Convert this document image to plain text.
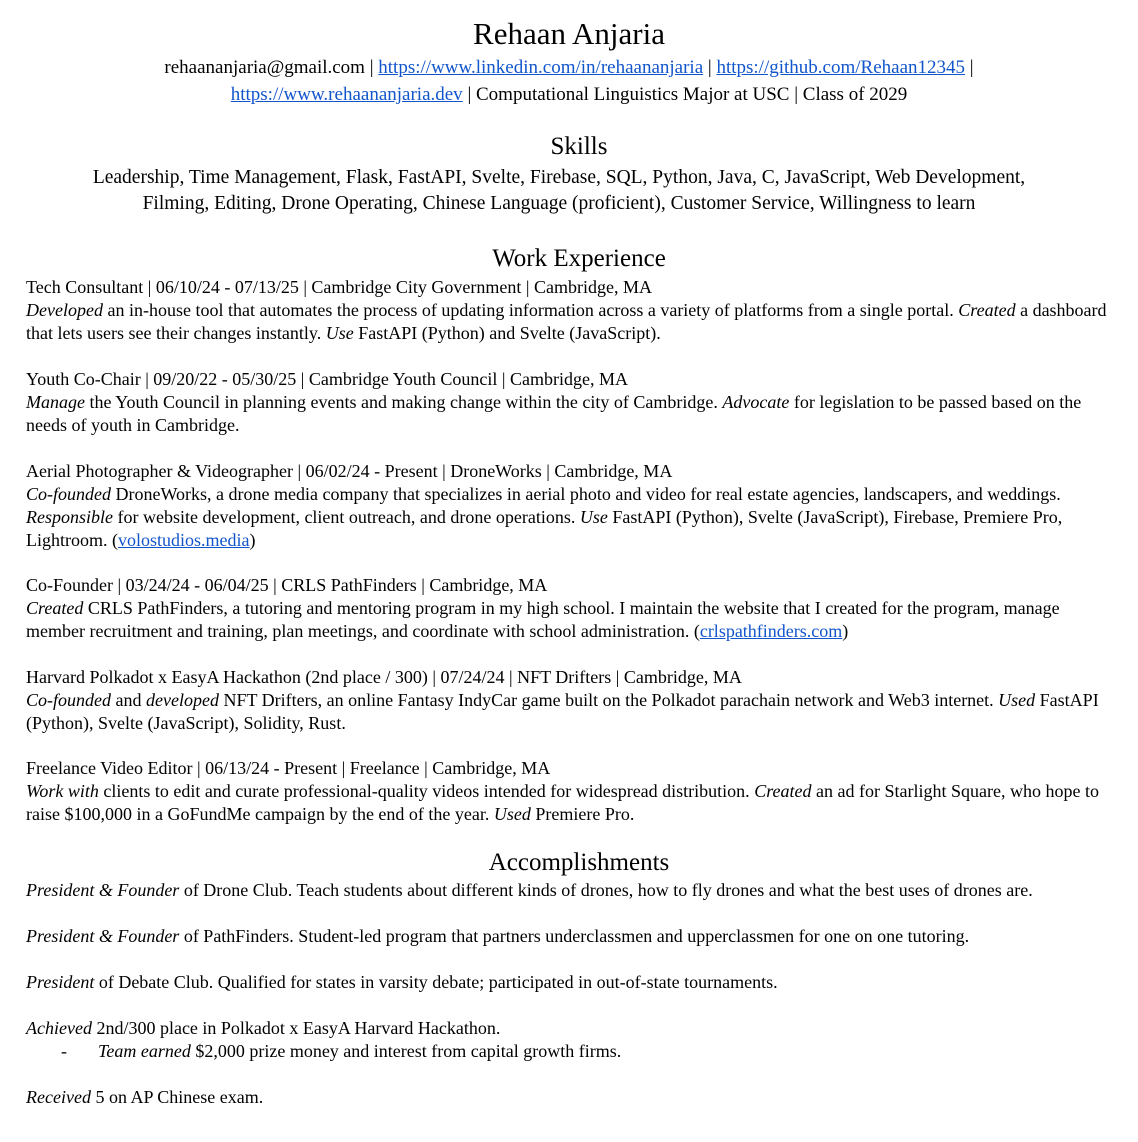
Rehaan Anjaria
rehaananjaria@gmail.com | https://www.linkedin.com/in/rehaananjaria | https://github.com/Rehaan12345 |
https://www.rehaananjaria.dev | Computational Linguistics Major at USC | Class of 2029
Skills
Leadership, Time Management, Flask, FastAPI, Svelte, Firebase, SQL, Python, Java, C, JavaScript, Web Development,
Filming, Editing, Drone Operating, Chinese Language (proficient), Customer Service, Willingness to learn
Work Experience

Tech Consultant | 06/10/24 - 07/13/25 | Cambridge City Government | Cambridge, MA

Developed an in-house tool that automates the process of updating information across a variety of platforms from a single portal. Created a dashboard that lets users see their changes instantly. Use FastAPI (Python) and Svelte (JavaScript).

Youth Co-Chair | 09/20/22 - 05/30/25 | Cambridge Youth Council | Cambridge, MA

Manage the Youth Council in planning events and making change within the city of Cambridge. Advocate for legislation to be passed based on the needs of youth in Cambridge.

Aerial Photographer & Videographer | 06/02/24 - Present | DroneWorks | Cambridge, MA

Co-founded DroneWorks, a drone media company that specializes in aerial photo and video for real estate agencies, landscapers, and weddings. Responsible for website development, client outreach, and drone operations. Use FastAPI (Python), Svelte (JavaScript), Firebase, Premiere Pro, Lightroom. (volostudios.media)

Co-Founder | 03/24/24 - 06/04/25 | CRLS PathFinders | Cambridge, MA

Created CRLS PathFinders, a tutoring and mentoring program in my high school. I maintain the website that I created for the program, manage member recruitment and training, plan meetings, and coordinate with school administration. (crlspathfinders.com)

Harvard Polkadot x EasyA Hackathon (2nd place / 300) | 07/24/24 | NFT Drifters | Cambridge, MA

Co-founded and developed NFT Drifters, an online Fantasy IndyCar game built on the Polkadot parachain network and Web3 internet. Used FastAPI (Python), Svelte (JavaScript), Solidity, Rust.

Freelance Video Editor | 06/13/24 - Present | Freelance | Cambridge, MA

Work with clients to edit and curate professional-quality videos intended for widespread distribution. Created an ad for Starlight Square, who hope to raise $100,000 in a GoFundMe campaign by the end of the year. Used Premiere Pro.

Accomplishments

President & Founder of Drone Club. Teach students about different kinds of drones, how to fly drones and what the best uses of drones are.

President & Founder of PathFinders. Student-led program that partners underclassmen and upperclassmen for one on one tutoring.

President of Debate Club. Qualified for states in varsity debate; participated in out-of-state tournaments.

Achieved 2nd/300 place in Polkadot x EasyA Harvard Hackathon.

- Team earned $2,000 prize money and interest from capital growth firms.

Received 5 on AP Chinese exam.
